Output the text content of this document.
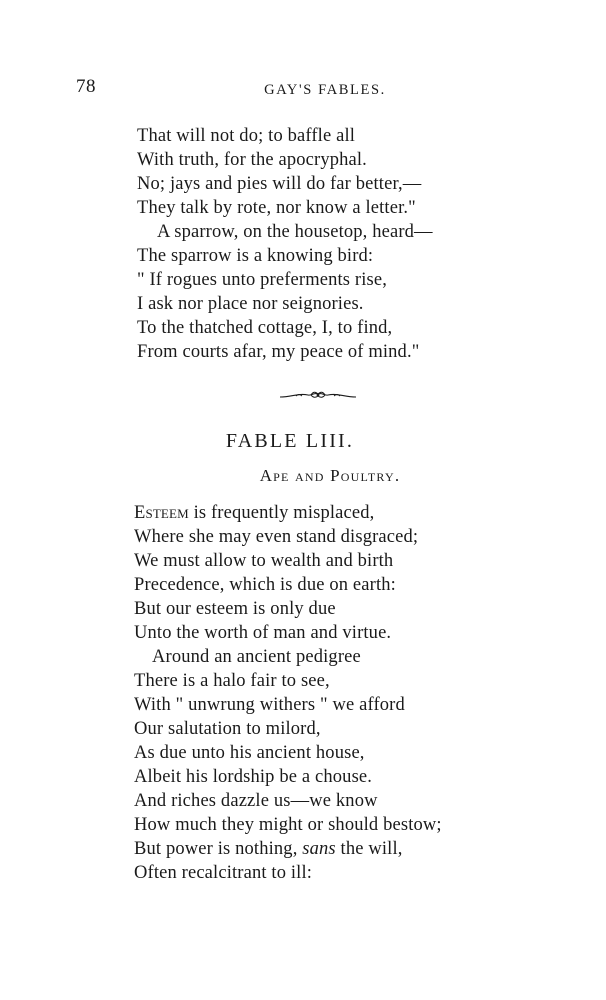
78	GAY'S FABLES.
That will not do; to baffle all
With truth, for the apocryphal.
No; jays and pies will do far better,—
They talk by rote, nor know a letter."
A sparrow, on the housetop, heard—
The sparrow is a knowing bird:
" If rogues unto preferments rise,
I ask nor place nor seignories.
To the thatched cottage, I, to find,
From courts afar, my peace of mind."
FABLE LIII.
Ape and Poultry.
Esteem is frequently misplaced,
Where she may even stand disgraced;
We must allow to wealth and birth
Precedence, which is due on earth:
But our esteem is only due
Unto the worth of man and virtue.
Around an ancient pedigree
There is a halo fair to see,
With " unwrung withers " we afford
Our salutation to milord,
As due unto his ancient house,
Albeit his lordship be a chouse.
And riches dazzle us—we know
How much they might or should bestow;
But power is nothing, sans the will,
Often recalcitrant to ill:
